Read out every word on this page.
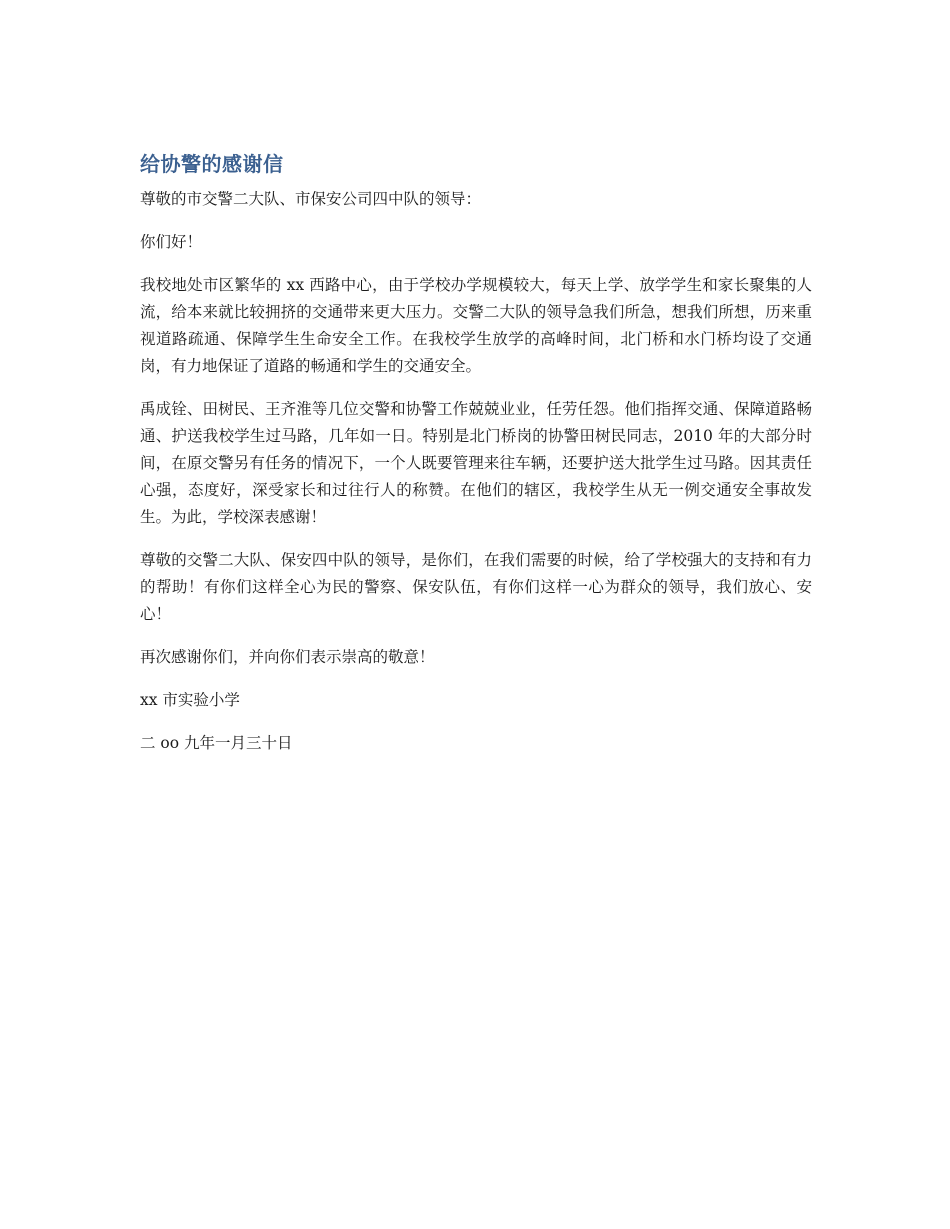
给协警的感谢信

尊敬的市交警二大队、市保安公司四中队的领导：

你们好！

我校地处市区繁华的 xx 西路中心，由于学校办学规模较大，每天上学、放学学生和家长聚集的人流，给本来就比较拥挤的交通带来更大压力。交警二大队的领导急我们所急，想我们所想，历来重视道路疏通、保障学生生命安全工作。在我校学生放学的高峰时间，北门桥和水门桥均设了交通岗，有力地保证了道路的畅通和学生的交通安全。

禹成铨、田树民、王齐淮等几位交警和协警工作兢兢业业，任劳任怨。他们指挥交通、保障道路畅通、护送我校学生过马路，几年如一日。特别是北门桥岗的协警田树民同志，2010 年的大部分时间，在原交警另有任务的情况下，一个人既要管理来往车辆，还要护送大批学生过马路。因其责任心强，态度好，深受家长和过往行人的称赞。在他们的辖区，我校学生从无一例交通安全事故发生。为此，学校深表感谢！

尊敬的交警二大队、保安四中队的领导，是你们，在我们需要的时候，给了学校强大的支持和有力的帮助！有你们这样全心为民的警察、保安队伍，有你们这样一心为群众的领导，我们放心、安心！

再次感谢你们，并向你们表示崇高的敬意！

xx 市实验小学

二 oo 九年一月三十日
